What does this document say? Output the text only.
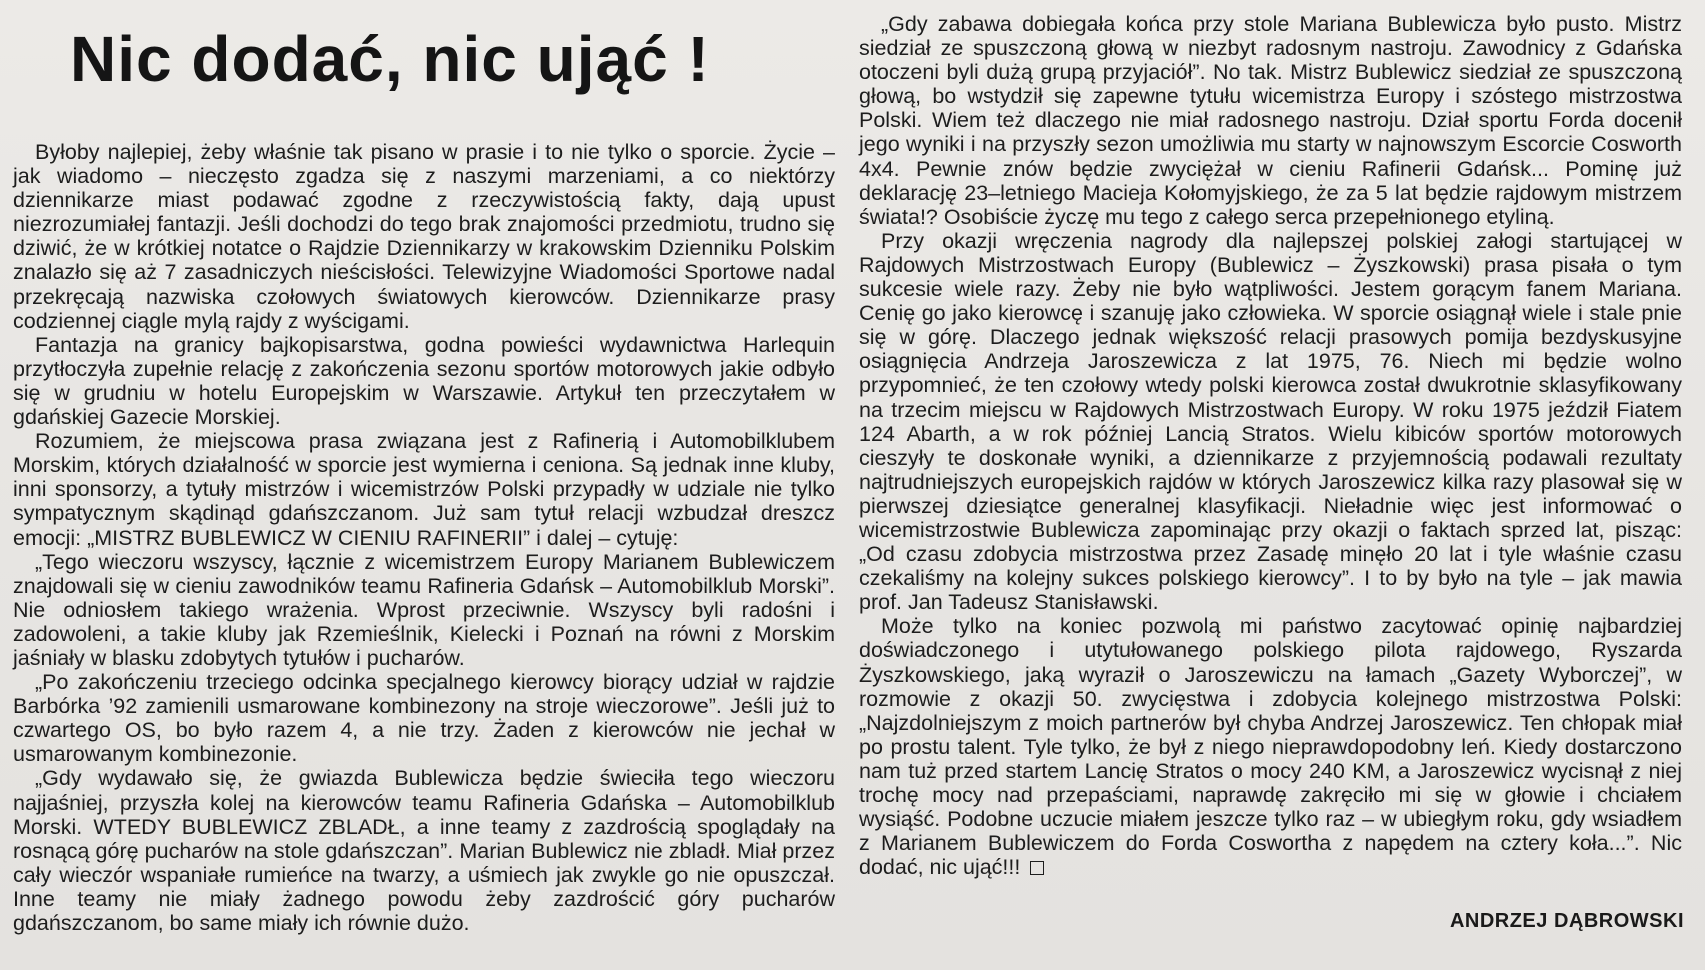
Nic dodać, nic ująć !

Byłoby najlepiej, żeby właśnie tak pisano w prasie i to nie tylko o sporcie. Życie – jak wiadomo – nieczęsto zgadza się z naszymi marzeniami, a co niektórzy dziennikarze miast podawać zgodne z rzeczywistością fakty, dają upust niezrozumiałej fantazji. Jeśli dochodzi do tego brak znajomości przedmiotu, trudno się dziwić, że w krótkiej notatce o Rajdzie Dziennikarzy w krakowskim Dzienniku Polskim znalazło się aż 7 zasadniczych nieścisłości. Telewizyjne Wiadomości Sportowe nadal przekręcają nazwiska czołowych światowych kierowców. Dziennikarze prasy codziennej ciągle mylą rajdy z wyścigami.

Fantazja na granicy bajkopisarstwa, godna powieści wydawnictwa Harlequin przytłoczyła zupełnie relację z zakończenia sezonu sportów motorowych jakie odbyło się w grudniu w hotelu Europejskim w Warszawie. Artykuł ten przeczytałem w gdańskiej Gazecie Morskiej.

Rozumiem, że miejscowa prasa związana jest z Rafinerią i Automobilklubem Morskim, których działalność w sporcie jest wymierna i ceniona. Są jednak inne kluby, inni sponsorzy, a tytuły mistrzów i wicemistrzów Polski przypadły w udziale nie tylko sympatycznym skądinąd gdańszczanom. Już sam tytuł relacji wzbudzał dreszcz emocji: „MISTRZ BUBLEWICZ W CIENIU RAFINERII” i dalej – cytuję:

„Tego wieczoru wszyscy, łącznie z wicemistrzem Europy Marianem Bublewiczem znajdowali się w cieniu zawodników teamu Rafineria Gdańsk – Automobilklub Morski”. Nie odniosłem takiego wrażenia. Wprost przeciwnie. Wszyscy byli radośni i zadowoleni, a takie kluby jak Rzemieślnik, Kielecki i Poznań na równi z Morskim jaśniały w blasku zdobytych tytułów i pucharów.

„Po zakończeniu trzeciego odcinka specjalnego kierowcy biorący udział w rajdzie Barbórka ’92 zamienili usmarowane kombinezony na stroje wieczorowe”. Jeśli już to czwartego OS, bo było razem 4, a nie trzy. Żaden z kierowców nie jechał w usmarowanym kombinezonie.

„Gdy wydawało się, że gwiazda Bublewicza będzie świeciła tego wieczoru najjaśniej, przyszła kolej na kierowców teamu Rafineria Gdańska – Automobilklub Morski. WTEDY BUBLEWICZ ZBLADŁ, a inne teamy z zazdrością spoglądały na rosnącą górę pucharów na stole gdańszczan”. Marian Bublewicz nie zbladł. Miał przez cały wieczór wspaniałe rumieńce na twarzy, a uśmiech jak zwykle go nie opuszczał. Inne teamy nie miały żadnego powodu żeby zazdrościć góry pucharów gdańszczanom, bo same miały ich równie dużo.

„Gdy zabawa dobiegała końca przy stole Mariana Bublewicza było pusto. Mistrz siedział ze spuszczoną głową w niezbyt radosnym nastroju. Zawodnicy z Gdańska otoczeni byli dużą grupą przyjaciół”. No tak. Mistrz Bublewicz siedział ze spuszczoną głową, bo wstydził się zapewne tytułu wicemistrza Europy i szóstego mistrzostwa Polski. Wiem też dlaczego nie miał radosnego nastroju. Dział sportu Forda docenił jego wyniki i na przyszły sezon umożliwia mu starty w najnowszym Escorcie Cosworth 4x4. Pewnie znów będzie zwyciężał w cieniu Rafinerii Gdańsk... Pominę już deklarację 23–letniego Macieja Kołomyjskiego, że za 5 lat będzie rajdowym mistrzem świata!? Osobiście życzę mu tego z całego serca przepełnionego etyliną.

Przy okazji wręczenia nagrody dla najlepszej polskiej załogi startującej w Rajdowych Mistrzostwach Europy (Bublewicz – Żyszkowski) prasa pisała o tym sukcesie wiele razy. Żeby nie było wątpliwości. Jestem gorącym fanem Mariana. Cenię go jako kierowcę i szanuję jako człowieka. W sporcie osiągnął wiele i stale pnie się w górę. Dlaczego jednak większość relacji prasowych pomija bezdyskusyjne osiągnięcia Andrzeja Jaroszewicza z lat 1975, 76. Niech mi będzie wolno przypomnieć, że ten czołowy wtedy polski kierowca został dwukrotnie sklasyfikowany na trzecim miejscu w Rajdowych Mistrzostwach Europy. W roku 1975 jeździł Fiatem 124 Abarth, a w rok później Lancią Stratos. Wielu kibiców sportów motorowych cieszyły te doskonałe wyniki, a dziennikarze z przyjemnością podawali rezultaty najtrudniejszych europejskich rajdów w których Jaroszewicz kilka razy plasował się w pierwszej dziesiątce generalnej klasyfikacji. Nieładnie więc jest informować o wicemistrzostwie Bublewicza zapominając przy okazji o faktach sprzed lat, pisząc: „Od czasu zdobycia mistrzostwa przez Zasadę minęło 20 lat i tyle właśnie czasu czekaliśmy na kolejny sukces polskiego kierowcy”. I to by było na tyle – jak mawia prof. Jan Tadeusz Stanisławski.

Może tylko na koniec pozwolą mi państwo zacytować opinię najbardziej doświadczonego i utytułowanego polskiego pilota rajdowego, Ryszarda Żyszkowskiego, jaką wyraził o Jaroszewiczu na łamach „Gazety Wyborczej”, w rozmowie z okazji 50. zwycięstwa i zdobycia kolejnego mistrzostwa Polski: „Najzdolniejszym z moich partnerów był chyba Andrzej Jaroszewicz. Ten chłopak miał po prostu talent. Tyle tylko, że był z niego nieprawdopodobny leń. Kiedy dostarczono nam tuż przed startem Lancię Stratos o mocy 240 KM, a Jaroszewicz wycisnął z niej trochę mocy nad przepaściami, naprawdę zakręciło mi się w głowie i chciałem wysiąść. Podobne uczucie miałem jeszcze tylko raz – w ubiegłym roku, gdy wsiadłem z Marianem Bublewiczem do Forda Coswortha z napędem na cztery koła...”. Nic dodać, nic ująć!!!

ANDRZEJ DĄBROWSKI
